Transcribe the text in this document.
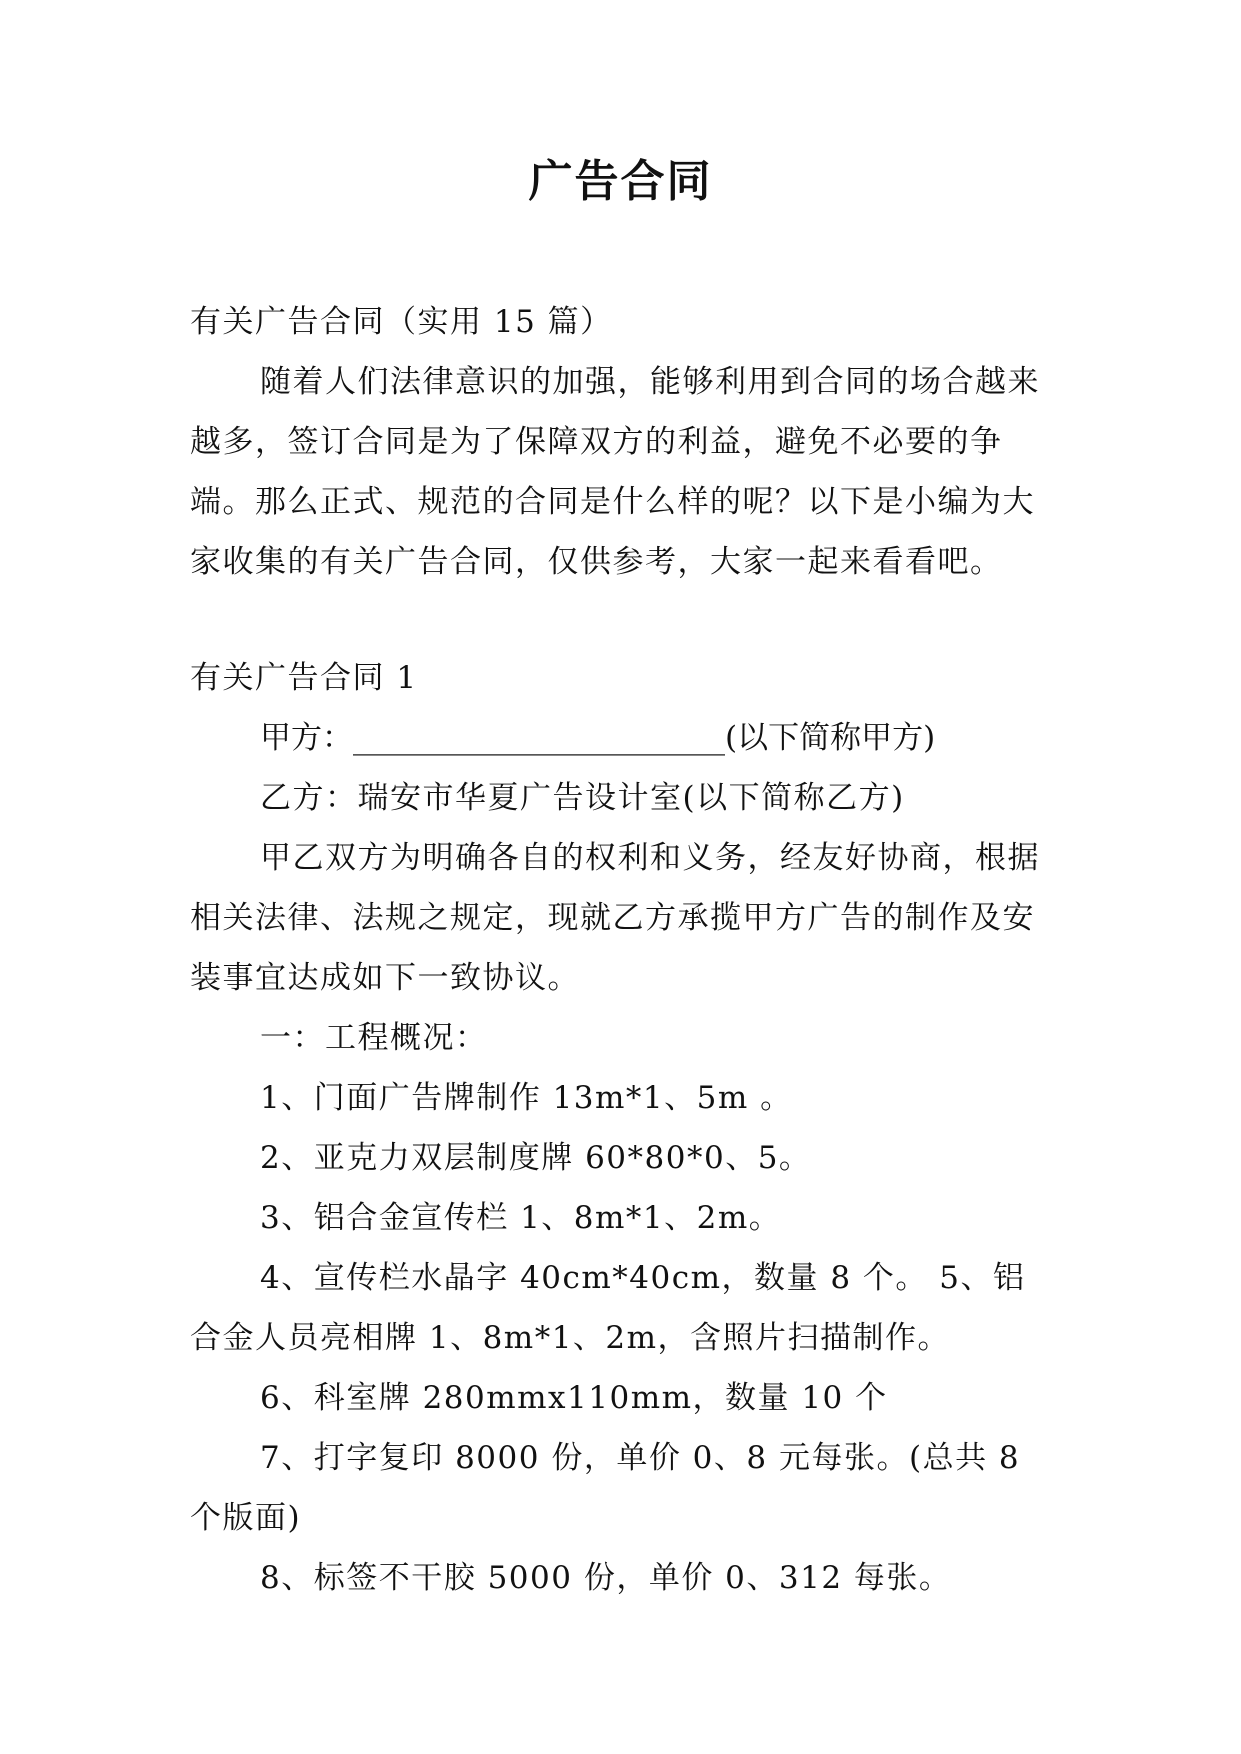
广告合同

有关广告合同（实用 15 篇）

随着人们法律意识的加强，能够利用到合同的场合越来越多，签订合同是为了保障双方的利益，避免不必要的争端。那么正式、规范的合同是什么样的呢？以下是小编为大家收集的有关广告合同，仅供参考，大家一起来看看吧。

有关广告合同 1

甲方：________________________(以下简称甲方)

乙方：瑞安市华夏广告设计室(以下简称乙方)

甲乙双方为明确各自的权利和义务，经友好协商，根据相关法律、法规之规定，现就乙方承揽甲方广告的制作及安装事宜达成如下一致协议。

一：工程概况：

1、门面广告牌制作 13m*1、5m 。

2、亚克力双层制度牌 60*80*0、5。

3、铝合金宣传栏 1、8m*1、2m。

4、宣传栏水晶字 40cm*40cm，数量 8 个。 5、铝合金人员亮相牌 1、8m*1、2m，含照片扫描制作。

6、科室牌 280mmx110mm，数量 10 个

7、打字复印 8000 份，单价 0、8 元每张。(总共 8 个版面)

8、标签不干胶 5000 份，单价 0、312 每张。
